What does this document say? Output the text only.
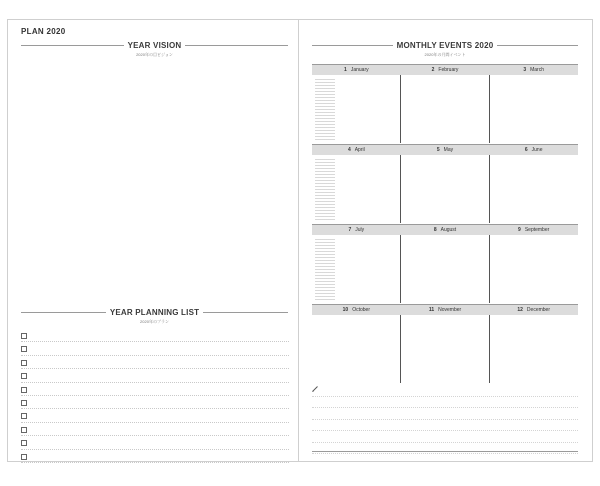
PLAN 2020
YEAR VISION
2020年の目ビジョン
YEAR PLANNING LIST
2020年のプラン
MONTHLY EVENTS 2020
2020年の月間イベント
1 January	2 February	3 March
4 April	5 May	6 June
7 July	8 August	9 September
10 October	11 November	12 December
